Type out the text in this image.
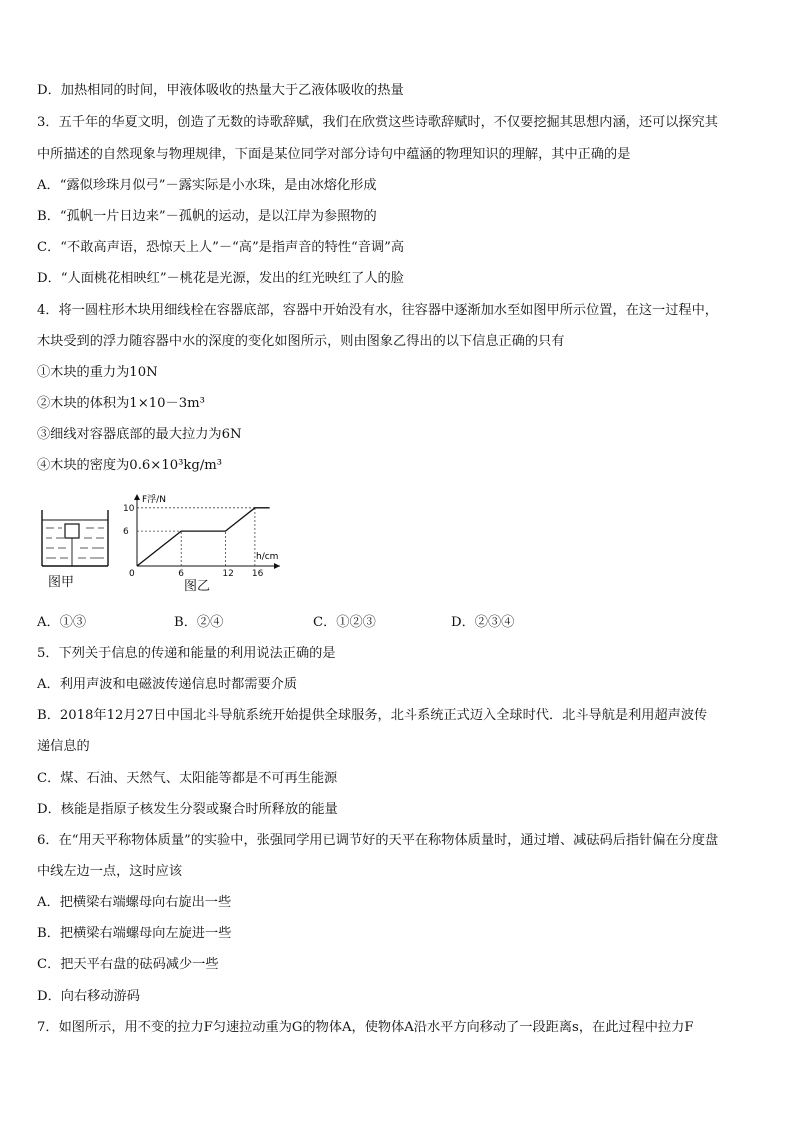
D．加热相同的时间，甲液体吸收的热量大于乙液体吸收的热量
3．五千年的华夏文明，创造了无数的诗歌辞赋，我们在欣赏这些诗歌辞赋时，不仅要挖掘其思想内涵，还可以探究其
中所描述的自然现象与物理规律，下面是某位同学对部分诗句中蕴涵的物理知识的理解，其中正确的是
A．“露似珍珠月似弓”－露实际是小水珠，是由冰熔化形成
B．“孤帆一片日边来”－孤帆的运动，是以江岸为参照物的
C．“不敢高声语，恐惊天上人”－“高”是指声音的特性“音调”高
D．“人面桃花相映红”－桃花是光源，发出的红光映红了人的脸
4．将一圆柱形木块用细线栓在容器底部，容器中开始没有水，往容器中逐渐加水至如图甲所示位置，在这一过程中，
木块受到的浮力随容器中水的深度的变化如图所示，则由图象乙得出的以下信息正确的只有
①木块的重力为10N
②木块的体积为1×10－3m³
③细线对容器底部的最大拉力为6N
④木块的密度为0.6×10³kg/m³
图甲
6
10
6	12 16
F浮/N
h/cm
0
图乙
A．①③	B．②④	C．①②③	D．②③④
5．下列关于信息的传递和能量的利用说法正确的是
A．利用声波和电磁波传递信息时都需要介质
B．2018年12月27日中国北斗导航系统开始提供全球服务，北斗系统正式迈入全球时代．北斗导航是利用超声波传
递信息的
C．煤、石油、天然气、太阳能等都是不可再生能源
D．核能是指原子核发生分裂或聚合时所释放的能量
6．在“用天平称物体质量”的实验中，张强同学用已调节好的天平在称物体质量时，通过增、减砝码后指针偏在分度盘
中线左边一点，这时应该
A．把横梁右端螺母向右旋出一些
B．把横梁右端螺母向左旋进一些
C．把天平右盘的砝码减少一些
D．向右移动游码
7．如图所示，用不变的拉力F匀速拉动重为G的物体A，使物体A沿水平方向移动了一段距离s，在此过程中拉力F
